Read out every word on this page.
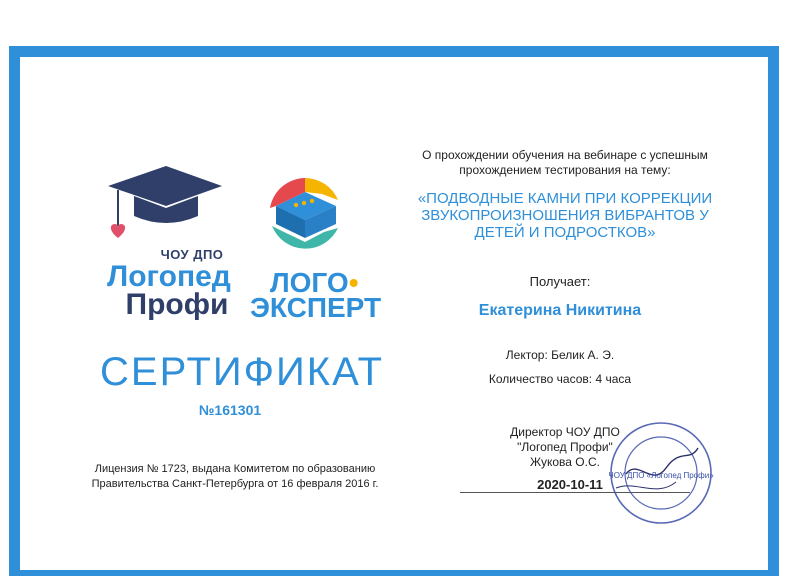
ЧОУ ДПО
Логопед
Профи
ЛОГО•
ЭКСПЕРТ
СЕРТИФИКАТ
№161301
Лицензия № 1723, выдана Комитетом по образованию Правительства Санкт-Петербурга от 16 февраля 2016 г.
О прохождении обучения на вебинаре с успешным прохождением тестирования на тему:
«ПОДВОДНЫЕ КАМНИ ПРИ КОРРЕКЦИИ ЗВУКОПРОИЗНОШЕНИЯ ВИБРАНТОВ У ДЕТЕЙ И ПОДРОСТКОВ»
Получает:
Екатерина Никитина
Лектор: Белик А. Э.
Количество часов: 4 часа
Директор ЧОУ ДПО
"Логопед Профи"
Жукова О.С.
2020-10-11
ЧОУ ДПО «Логопед Профи»
